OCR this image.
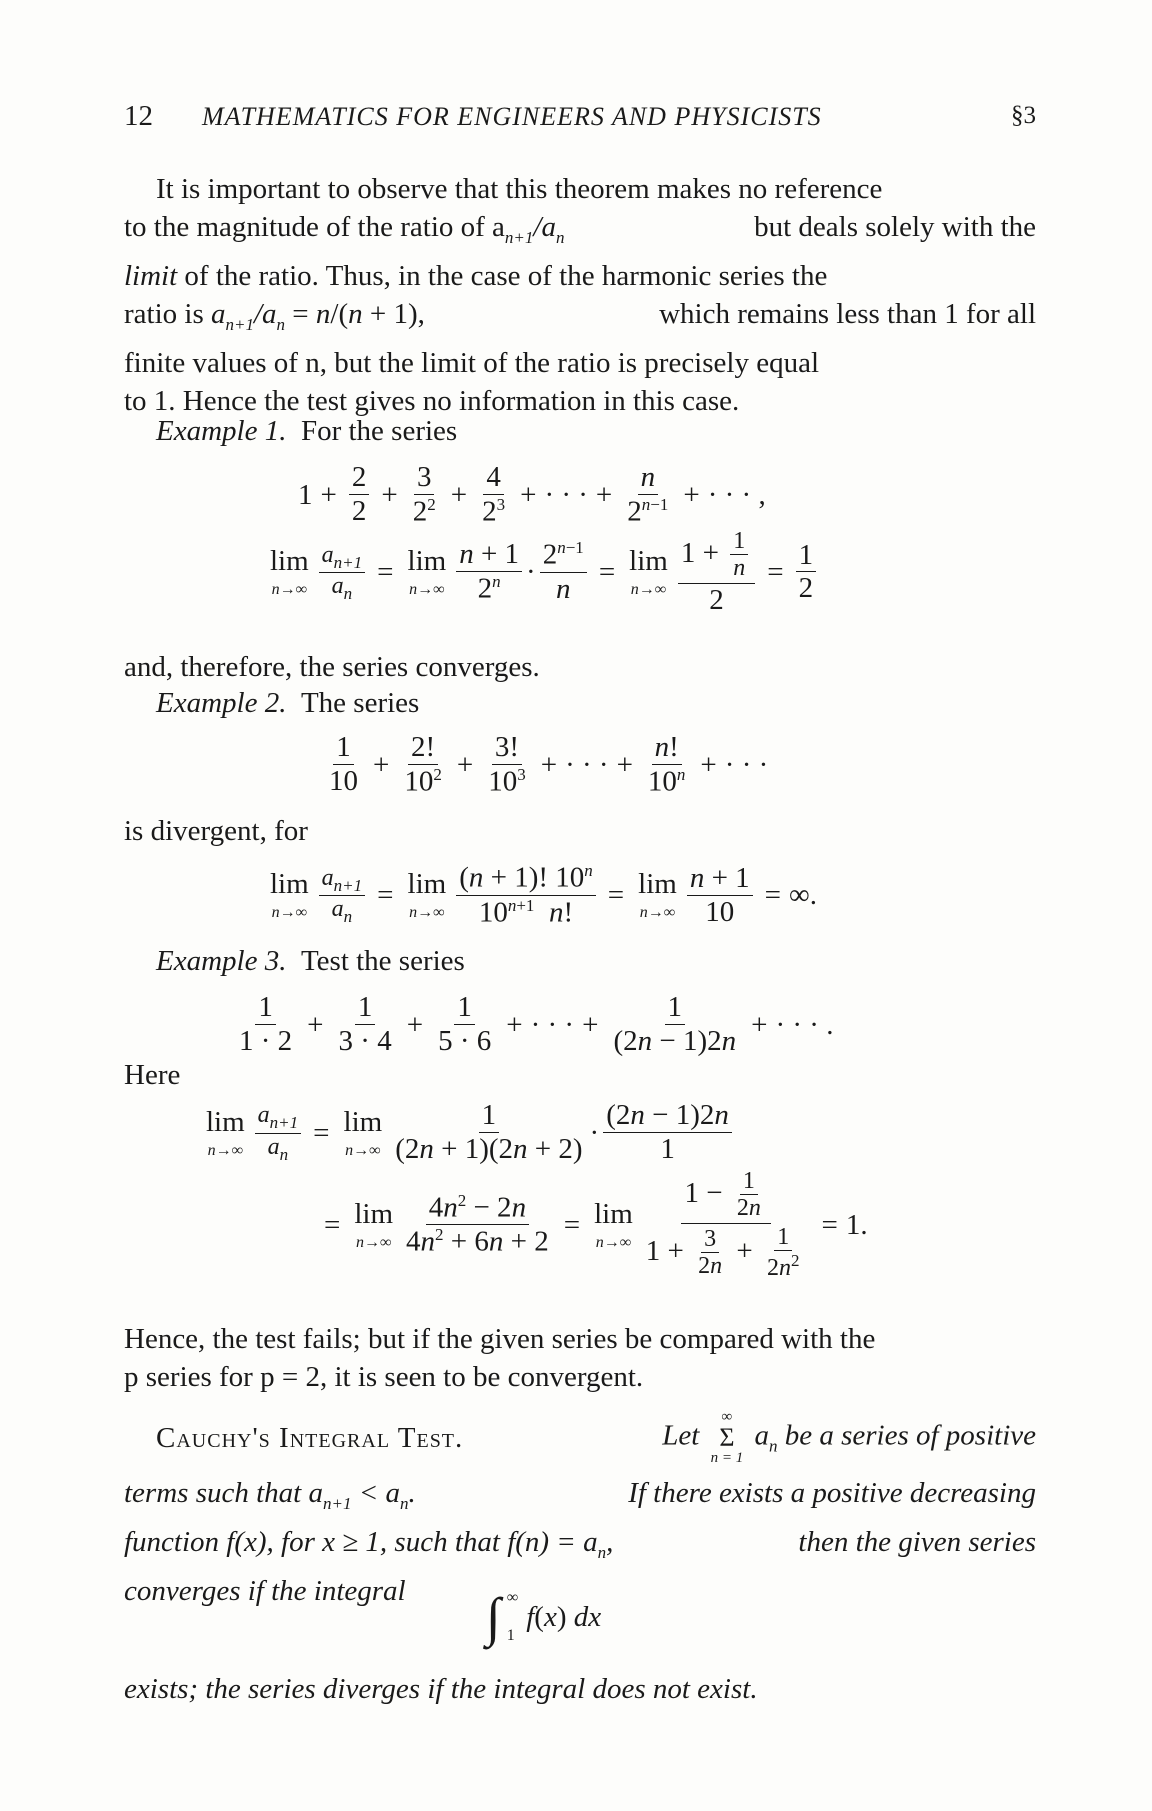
12 MATHEMATICS FOR ENGINEERS AND PHYSICISTS	§3
It is important to observe that this theorem makes no reference
to the magnitude of the ratio of $a_{n+1}/a_n$	but deals solely with the
limit of the ratio. Thus, in the case of the harmonic series the
ratio is $a_{n+1}/a_n = n/(n + 1)$,	which remains less than 1 for all
finite values of n, but the limit of the ratio is precisely equal
to 1. Hence the test gives no information in this case.
Example 1. For the series
$1 + \frac{2}{2} + \frac{3}{2^2} + \frac{4}{2^3}$ + · · · + $\frac{n}{2^{n-1}}$ + · · · ,
lim
$n\to\infty \frac{a_{n+1}}{a_n} = \lim$
$n\to\infty \frac{n + 1}{2^n} \cdot \frac{2^{n-1}}{n} = \lim$
$n\to\infty \frac{1 + \frac{1}{n}}{2} = \frac{1}{2}$
and, therefore, the series converges.
Example 2. The series
$\frac{1}{10} + \frac{2!}{10^2} + \frac{3!}{10^3}$ + · · · + $\frac{n!}{10^n}$ + · · ·
is divergent, for
lim
$n\to\infty \frac{a_{n+1}}{a_n} = \lim$
$n\to\infty \frac{(n + 1)! 10^n}{10^{n+1} n!} = \lim$
$n\to\infty \frac{n + 1}{10}$ = ∞.
Example 3. Test the series
$\frac{1}{1 \cdot 2} + \frac{1}{3 \cdot 4} + \frac{1}{5 \cdot 6}$ + · · · + $\frac{1}{(2n - 1)2n}$ + · · · .
Here
lim
$n\to\infty \frac{a_{n+1}}{a_n} = \lim$
$n\to\infty \frac{1}{(2n + 1)(2n + 2)} \cdot \frac{(2n - 1)2n}{1}$
= lim
$n\to\infty \frac{4n^2 - 2n}{4n^2 + 6n + 2} = \lim$
$n\to\infty \frac{1 - \frac{1}{2n}}{1 + \frac{3}{2n} + \frac{1}{2n^2}} = 1$.
Hence, the test fails; but if the given series be compared with the
p series for p = 2, it is seen to be convergent.
Cauchy's Integral Test.	Let
∞
Σ
n = 1
$a_n$ be a series of positive
terms such that $a_{n+1} < a_n$.	If there exists a positive decreasing
function f(x), for x ≥ 1, such that $f(n) = a_n$,	then the given series
converges if the integral	∫ ∞
1
f ( x ) dx
exists; the series diverges if the integral does not exist.
